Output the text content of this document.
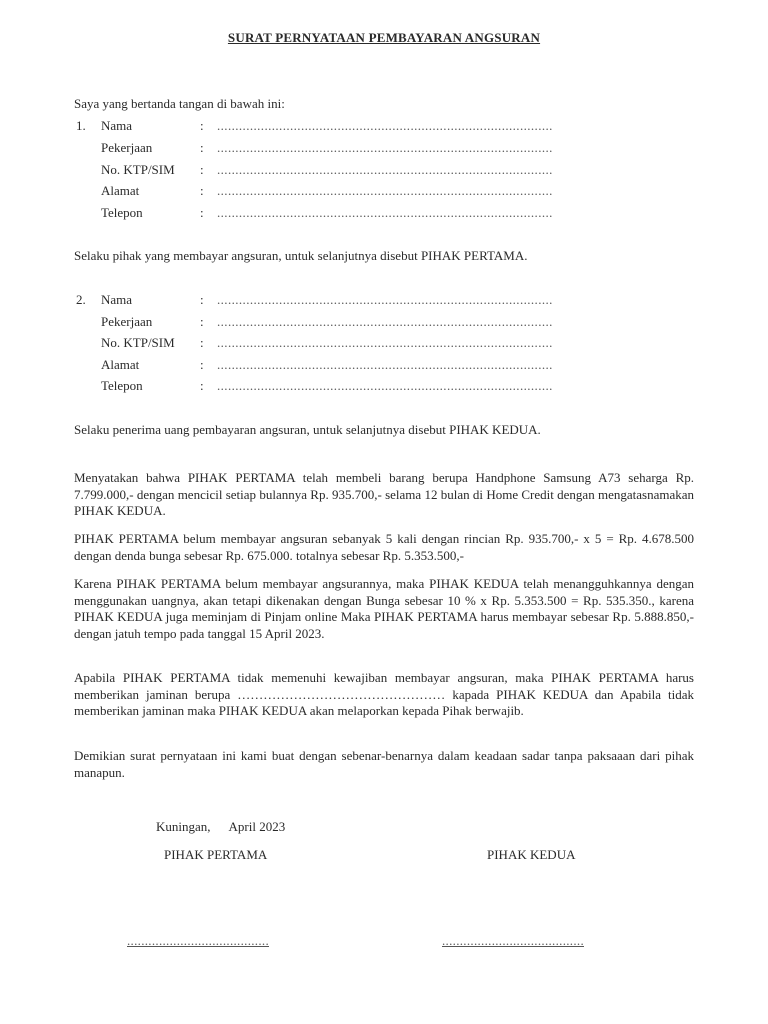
SURAT PERNYATAAN PEMBAYARAN ANGSURAN
Saya yang bertanda tangan di bawah ini:
1.	Nama	: ............................................................................................
Pekerjaan	: ............................................................................................
No. KTP/SIM : ............................................................................................
Alamat	: ............................................................................................
Telepon	: ............................................................................................
Selaku pihak yang membayar angsuran, untuk selanjutnya disebut PIHAK PERTAMA.
2.	Nama	: ............................................................................................
Pekerjaan	: ............................................................................................
No. KTP/SIM : ............................................................................................
Alamat	: ............................................................................................
Telepon	: ............................................................................................
Selaku penerima uang pembayaran angsuran, untuk selanjutnya disebut PIHAK KEDUA.
Menyatakan bahwa PIHAK PERTAMA telah membeli barang berupa Handphone Samsung A73 seharga Rp. 7.799.000,- dengan mencicil setiap bulannya Rp. 935.700,- selama 12 bulan di Home Credit dengan mengatasnamakan PIHAK KEDUA.
PIHAK PERTAMA belum membayar angsuran sebanyak 5 kali dengan rincian Rp. 935.700,- x 5 = Rp. 4.678.500 dengan denda bunga sebesar Rp. 675.000. totalnya sebesar Rp. 5.353.500,-
Karena PIHAK PERTAMA belum membayar angsurannya, maka PIHAK KEDUA telah menangguhkannya dengan menggunakan uangnya, akan tetapi dikenakan dengan Bunga sebesar 10 % x Rp. 5.353.500 = Rp. 535.350., karena PIHAK KEDUA juga meminjam di Pinjam online Maka PIHAK PERTAMA harus membayar sebesar Rp. 5.888.850,- dengan jatuh tempo pada tanggal 15 April 2023.
Apabila PIHAK PERTAMA tidak memenuhi kewajiban membayar angsuran, maka PIHAK PERTAMA harus memberikan jaminan berupa ………………………………………… kapada PIHAK KEDUA dan Apabila tidak memberikan jaminan maka PIHAK KEDUA akan melaporkan kepada Pihak berwajib.
Demikian surat pernyataan ini kami buat dengan sebenar-benarnya dalam keadaan sadar tanpa paksaaan dari pihak manapun.
Kuningan, April 2023
PIHAK PERTAMA	PIHAK KEDUA
........................................	........................................
